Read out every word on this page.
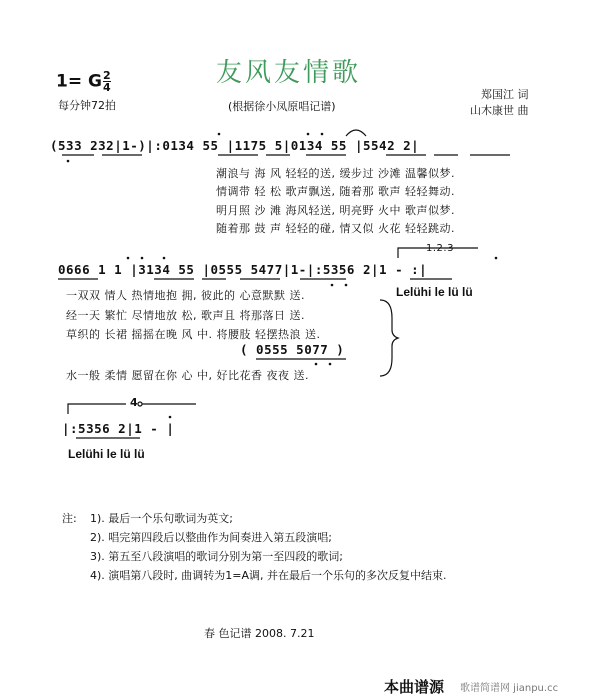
友风友情歌
1= G $\frac{2}{4}$
每分钟72拍	(根据徐小凤原唱记谱)
郑国江 词
山木康世 曲
(533 232|1-)|:0134 55 |1175 5|0134 55 |5542 2|
潮浪与 海 风 轻轻的送, 缓步过 沙滩 温馨似梦.
情调带 轻 松 歌声飘送, 随着那 歌声 轻轻舞动.
明月照 沙 滩 海风轻送, 明亮野 火中 歌声似梦.
随着那 鼓 声 轻轻的碰, 情又似 火花 轻轻跳动.
1.2.3
0666 1 1 |3134 55 |0555 5477|1-|:5356 2|1 - :|
一双双 情人 热情地抱 拥, 彼此的 心意默默 送.	Lelühi le lü lü
经一天 繁忙 尽情地放 松, 歌声且 将那落日 送.
草织的 长裙 摇摇在晚 风 中. 将腰肢 轻摆热浪 送.
( 0555 5077 )
水一般 柔情 愿留在你 心 中, 好比花香 夜夜 送.
4
|:5356 2|1 - |
Lelühi le lü lü
注: 1). 最后一个乐句歌词为英文;
2). 唱完第四段后以整曲作为间奏进入第五段演唱;
3). 第五至八段演唱的歌词分别为第一至四段的歌词;
4). 演唱第八段时, 曲调转为1=A调, 并在最后一个乐句的多次反复中结束.
春 色记谱 2008. 7.21
本曲谱源 歌谱简谱网 jianpu.cc
